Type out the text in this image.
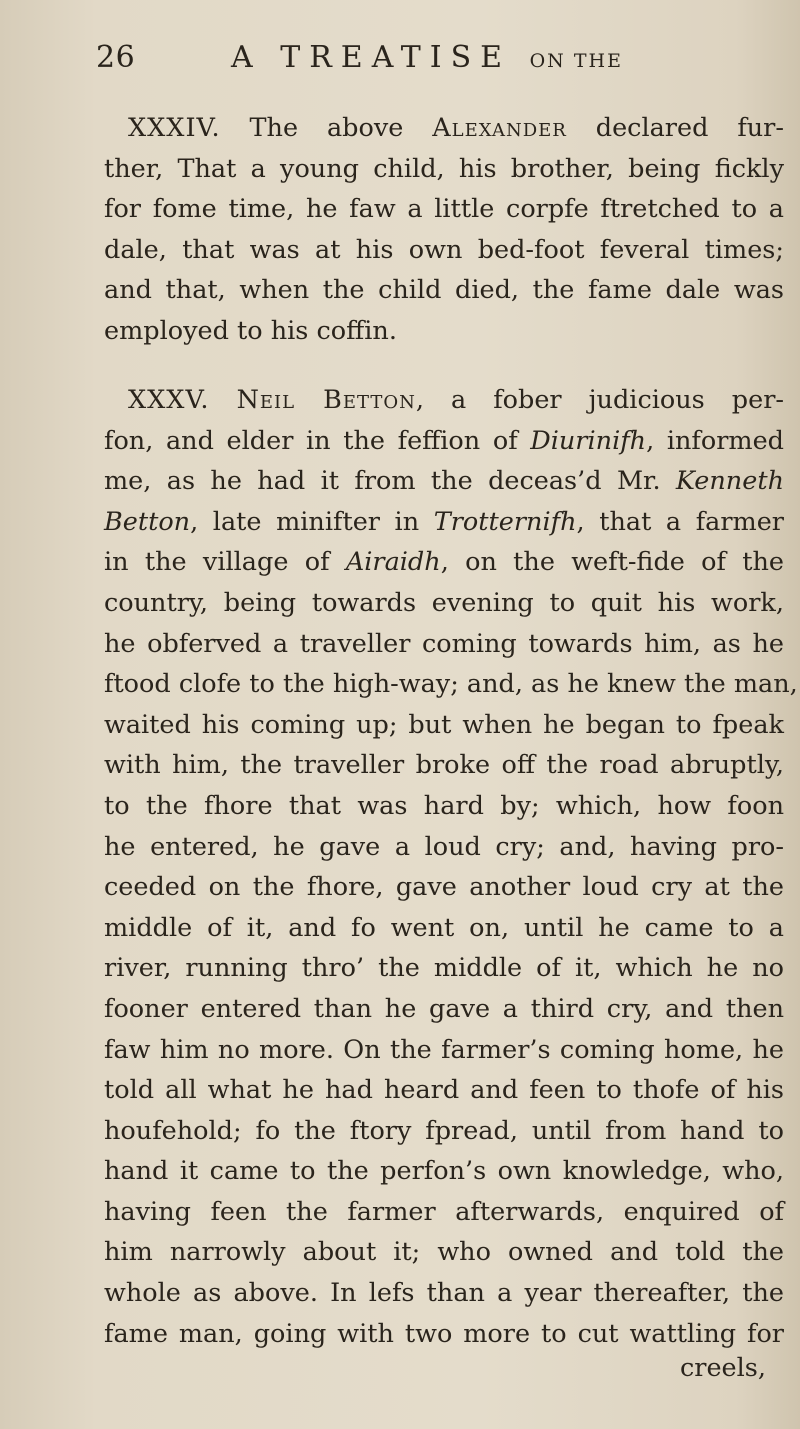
26	A TREATISE ON THE

XXXIV. The above Alexander declared fur-
ther, That a young child, his brother, being fickly
for fome time, he faw a little corpfe ftretched to a
dale, that was at his own bed-foot feveral times;
and that, when the child died, the fame dale was
employed to his coffin.

XXXV. Neil Betton, a fober judicious per-
fon, and elder in the feffion of Diurinifh, informed
me, as he had it from the deceas’d Mr. Kenneth
Betton, late minifter in Trotternifh, that a farmer
in the village of Airaidh, on the weft-fide of the
country, being towards evening to quit his work,
he obferved a traveller coming towards him, as he
ftood clofe to the high-way; and, as he knew the man,
waited his coming up; but when he began to fpeak
with him, the traveller broke off the road abruptly,
to the fhore that was hard by; which, how foon
he entered, he gave a loud cry; and, having pro-
ceeded on the fhore, gave another loud cry at the
middle of it, and fo went on, until he came to a
river, running thro’ the middle of it, which he no
fooner entered than he gave a third cry, and then
faw him no more. On the farmer’s coming home, he
told all what he had heard and feen to thofe of his
houfehold; fo the ftory fpread, until from hand to
hand it came to the perfon’s own knowledge, who,
having feen the farmer afterwards, enquired of
him narrowly about it; who owned and told the
whole as above. In lefs than a year thereafter, the
fame man, going with two more to cut wattling for

creels,
